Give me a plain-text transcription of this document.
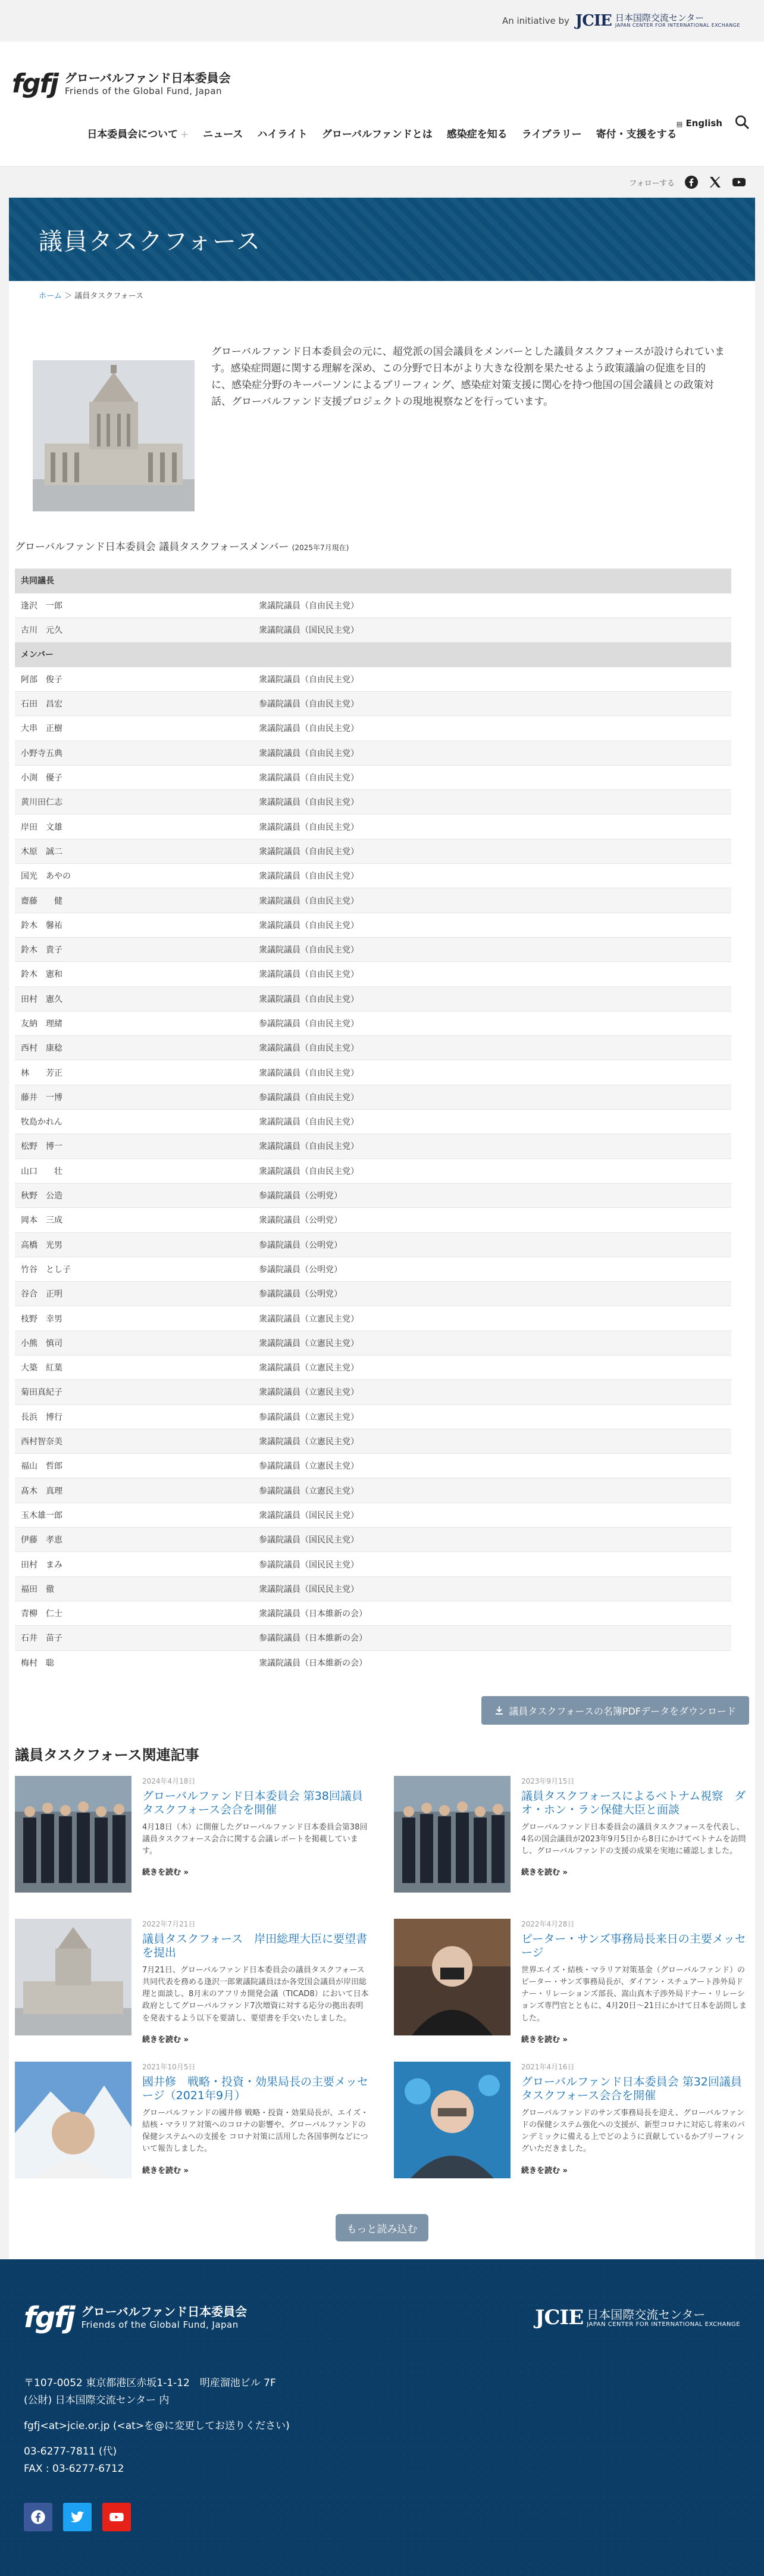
An initiative by JCIE 日本国際交流センター
JAPAN CENTER FOR INTERNATIONAL EXCHANGE
fgfj グローバルファンド日本委員会
Friends of the Global Fund, Japan
▤ English
日本委員会について + ニュース ハイライト グローバルファンドとは 感染症を知る ライブラリー 寄付・支援をする
フォローする
議員タスクフォース
ホーム ＞ 議員タスクフォース

グローバルファンド日本委員会の元に、超党派の国会議員をメンバーとした議員タスクフォースが設けられています。感染症問題に関する理解を深め、この分野で日本がより大きな役割を果たせるよう政策議論の促進を目的に、感染症分野のキーパーソンによるブリーフィング、感染症対策支援に関心を持つ他国の国会議員との政策対話、グローバルファンド支援プロジェクトの現地視察などを行っています。

グローバルファンド日本委員会 議員タスクフォースメンバー (2025年7月現在)
共同議長	
逢沢　一郎	衆議院議員（自由民主党）
古川　元久	衆議院議員（国民民主党）
メンバー	
阿部　俊子	衆議院議員（自由民主党）
石田　昌宏	参議院議員（自由民主党）
大串　正樹	衆議院議員（自由民主党）
小野寺五典	衆議院議員（自由民主党）
小渕　優子	衆議院議員（自由民主党）
黄川田仁志	衆議院議員（自由民主党）
岸田　文雄	衆議院議員（自由民主党）
木原　誠二	衆議院議員（自由民主党）
国光　あやの	衆議院議員（自由民主党）
齋藤　　健	衆議院議員（自由民主党）
鈴木　馨祐	衆議院議員（自由民主党）
鈴木　貴子	衆議院議員（自由民主党）
鈴木　憲和	衆議院議員（自由民主党）
田村　憲久	衆議院議員（自由民主党）
友納　理緒	参議院議員（自由民主党）
西村　康稔	衆議院議員（自由民主党）
林　　芳正	衆議院議員（自由民主党）
藤井　一博	参議院議員（自由民主党）
牧島かれん	衆議院議員（自由民主党）
松野　博一	衆議院議員（自由民主党）
山口　　壮	衆議院議員（自由民主党）
秋野　公造	参議院議員（公明党）
岡本　三成	衆議院議員（公明党）
高橋　光男	参議院議員（公明党）
竹谷　とし子	参議院議員（公明党）
谷合　正明	参議院議員（公明党）
枝野　幸男	衆議院議員（立憲民主党）
小熊　慎司	衆議院議員（立憲民主党）
大築　紅葉	衆議院議員（立憲民主党）
菊田真紀子	衆議院議員（立憲民主党）
長浜　博行	参議院議員（立憲民主党）
西村智奈美	衆議院議員（立憲民主党）
福山　哲郎	参議院議員（立憲民主党）
髙木　真理	参議院議員（立憲民主党）
玉木雄一郎	衆議院議員（国民民主党）
伊藤　孝恵	参議院議員（国民民主党）
田村　まみ	参議院議員（国民民主党）
福田　徹	衆議院議員（国民民主党）
青柳　仁士	衆議院議員（日本維新の会）
石井　苗子	参議院議員（日本維新の会）
梅村　聡	衆議院議員（日本維新の会）
議員タスクフォースの名簿PDFデータをダウンロード
議員タスクフォース関連記事
2024年4月18日
グローバルファンド日本委員会 第38回議員タスクフォース会合を開催
4月18日（木）に開催したグローバルファンド日本委員会第38回議員タスクフォース会合に関する会議レポートを掲載しています。
続きを読む »
2023年9月15日
議員タスクフォースによるベトナム視察　ダオ・ホン・ラン保健大臣と面談
グローバルファンド日本委員会の議員タスクフォースを代表し、4名の国会議員が2023年9月5日から8日にかけてベトナムを訪問し、グローバルファンドの支援の成果を実地に確認しました。
続きを読む »
2022年7月21日
議員タスクフォース　岸田総理大臣に要望書を提出
7月21日、グローバルファンド日本委員会の議員タスクフォース共同代表を務める逢沢一郎衆議院議員ほか各党国会議員が岸田総理と面談し、8月末のアフリカ開発会議（TICAD8）において日本政府としてグローバルファンド7次増資に対する応分の拠出表明を発表するよう以下を要請し、要望書を手交いたしました。
続きを読む »
2022年4月28日
ピーター・サンズ事務局長来日の主要メッセージ
世界エイズ・結核・マラリア対策基金（グローバルファンド）のピーター・サンズ事務局長が、ダイアン・スチュアート渉外局ドナー・リレーションズ部長、嵩山真木子渉外局ドナー・リレーションズ専門官とともに、4月20日～21日にかけて日本を訪問しました。
続きを読む »
2021年10月5日
國井修　戦略・投資・効果局長の主要メッセージ（2021年9月）
グローバルファンドの國井修 戦略・投資・効果局長が、エイズ・結核・マラリア対策へのコロナの影響や、グローバルファンドの保健システムへの支援を コロナ対策に活用した各国事例などについて報告しました。
続きを読む »
2021年4月16日
グローバルファンド日本委員会 第32回議員タスクフォース会合を開催
グローバルファンドのサンズ事務局長を迎え、グローバルファンドの保健システム強化への支援が、新型コロナに対応し将来のパンデミックに備える上でどのように貢献しているかブリーフィングいただきました。
続きを読む »
もっと読み込む
fgfj グローバルファンド日本委員会
Friends of the Global Fund, Japan	JCIE 日本国際交流センター
JAPAN CENTER FOR INTERNATIONAL EXCHANGE
〒107-0052 東京都港区赤坂1-1-12　明産溜池ビル 7F
(公財) 日本国際交流センター 内
fgfj<at>jcie.or.jp (<at>を@に変更してお送りください)
03-6277-7811 (代)
FAX : 03-6277-6712
